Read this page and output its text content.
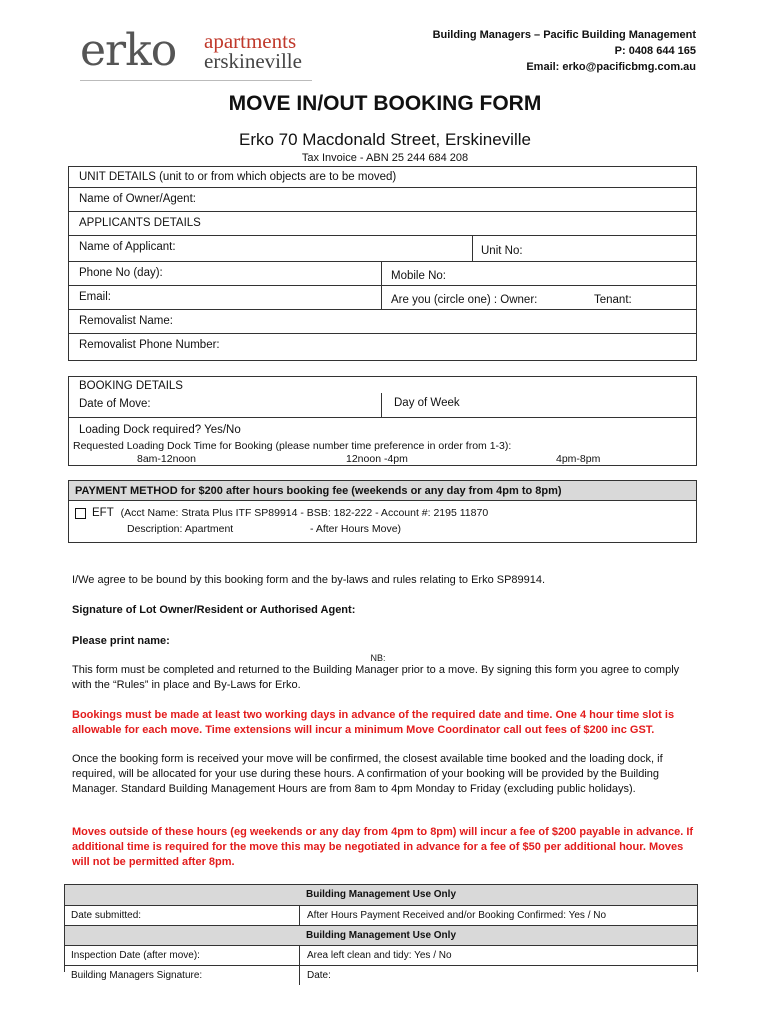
erko apartments
erskineville
Building Managers – Pacific Building Management
P: 0408 644 165
Email: erko@pacificbmg.com.au
MOVE IN/OUT BOOKING FORM
Erko 70 Macdonald Street, Erskineville
Tax Invoice - ABN 25 244 684 208
UNIT DETAILS (unit to or from which objects are to be moved)
Name of Owner/Agent:
APPLICANTS DETAILS
Name of Applicant:	Unit No:
Phone No (day):	Mobile No:
Email:	Are you (circle one) : Owner:	Tenant:
Removalist Name:
Removalist Phone Number:
BOOKING DETAILS
Date of Move:	Day of Week
Loading Dock required? Yes/No
Requested Loading Dock Time for Booking (please number time preference in order from 1-3):
8am-12noon	12noon -4pm	4pm-8pm
PAYMENT METHOD for $200 after hours booking fee (weekends or any day from 4pm to 8pm)
EFT (Acct Name: Strata Plus ITF SP89914 - BSB: 182-222 - Account #: 2195 11870
Description: Apartment	- After Hours Move)
I/We agree to be bound by this booking form and the by-laws and rules relating to Erko SP89914.
Signature of Lot Owner/Resident or Authorised Agent:
Please print name:
NB:
This form must be completed and returned to the Building Manager prior to a move. By signing this form you agree to comply with the “Rules” in place and By-Laws for Erko.
Bookings must be made at least two working days in advance of the required date and time. One 4 hour time slot is allowable for each move. Time extensions will incur a minimum Move Coordinator call out fees of $200 inc GST.
Once the booking form is received your move will be confirmed, the closest available time booked and the loading dock, if required, will be allocated for your use during these hours. A confirmation of your booking will be provided by the Building Manager. Standard Building Management Hours are from 8am to 4pm Monday to Friday (excluding public holidays).
Moves outside of these hours (eg weekends or any day from 4pm to 8pm) will incur a fee of $200 payable in advance. If additional time is required for the move this may be negotiated in advance for a fee of $50 per additional hour. Moves will not be permitted after 8pm.
Building Management Use Only
Date submitted:	After Hours Payment Received and/or Booking Confirmed: Yes / No
Building Management Use Only
Inspection Date (after move):	Area left clean and tidy: Yes / No
Building Managers Signature:	Date:
